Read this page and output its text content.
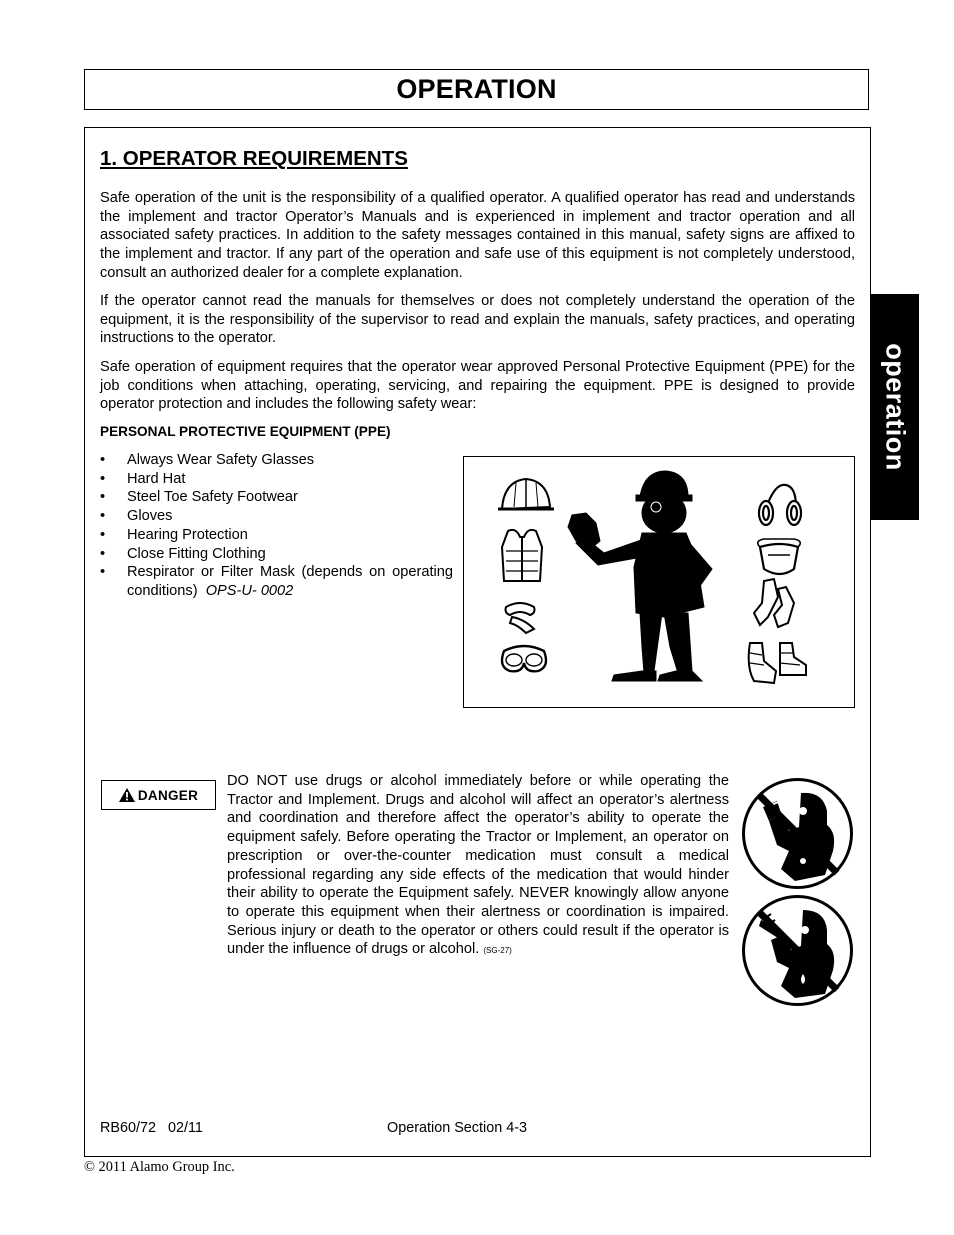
OPERATION
operation
1. OPERATOR REQUIREMENTS

Safe operation of the unit is the responsibility of a qualified operator. A qualified operator has read and understands the implement and tractor Operator’s Manuals and is experienced in implement and tractor operation and all associated safety practices. In addition to the safety messages contained in this manual, safety signs are affixed to the implement and tractor. If any part of the operation and safe use of this equipment is not completely understood, consult an authorized dealer for a complete explanation.

If the operator cannot read the manuals for themselves or does not completely understand the operation of the equipment, it is the responsibility of the supervisor to read and explain the manuals, safety practices, and operating instructions to the operator.

Safe operation of equipment requires that the operator wear approved Personal Protective Equipment (PPE) for the job conditions when attaching, operating, servicing, and repairing the equipment. PPE is designed to provide operator protection and includes the following safety wear:

PERSONAL PROTECTIVE EQUIPMENT (PPE)
• Always Wear Safety Glasses
• Hard Hat
• Steel Toe Safety Footwear
• Gloves
• Hearing Protection
• Close Fitting Clothing
• Respirator or Filter Mask (depends on operating conditions) OPS-U- 0002
DANGER

DO NOT use drugs or alcohol immediately before or while operating the Tractor and Implement. Drugs and alcohol will affect an operator’s alertness and coordination and therefore affect the operator’s ability to operate the equipment safely. Before operating the Tractor or Implement, an operator on prescription or over-the-counter medication must consult a medical professional regarding any side effects of the medication that would hinder their ability to operate the Equipment safely. NEVER knowingly allow anyone to operate this equipment when their alertness or coordination is impaired. Serious injury or death to the operator or others could result if the operator is under the influence of drugs or alcohol. (SG-27)

RB60/72   02/11	Operation Section 4-3
© 2011 Alamo Group Inc.
